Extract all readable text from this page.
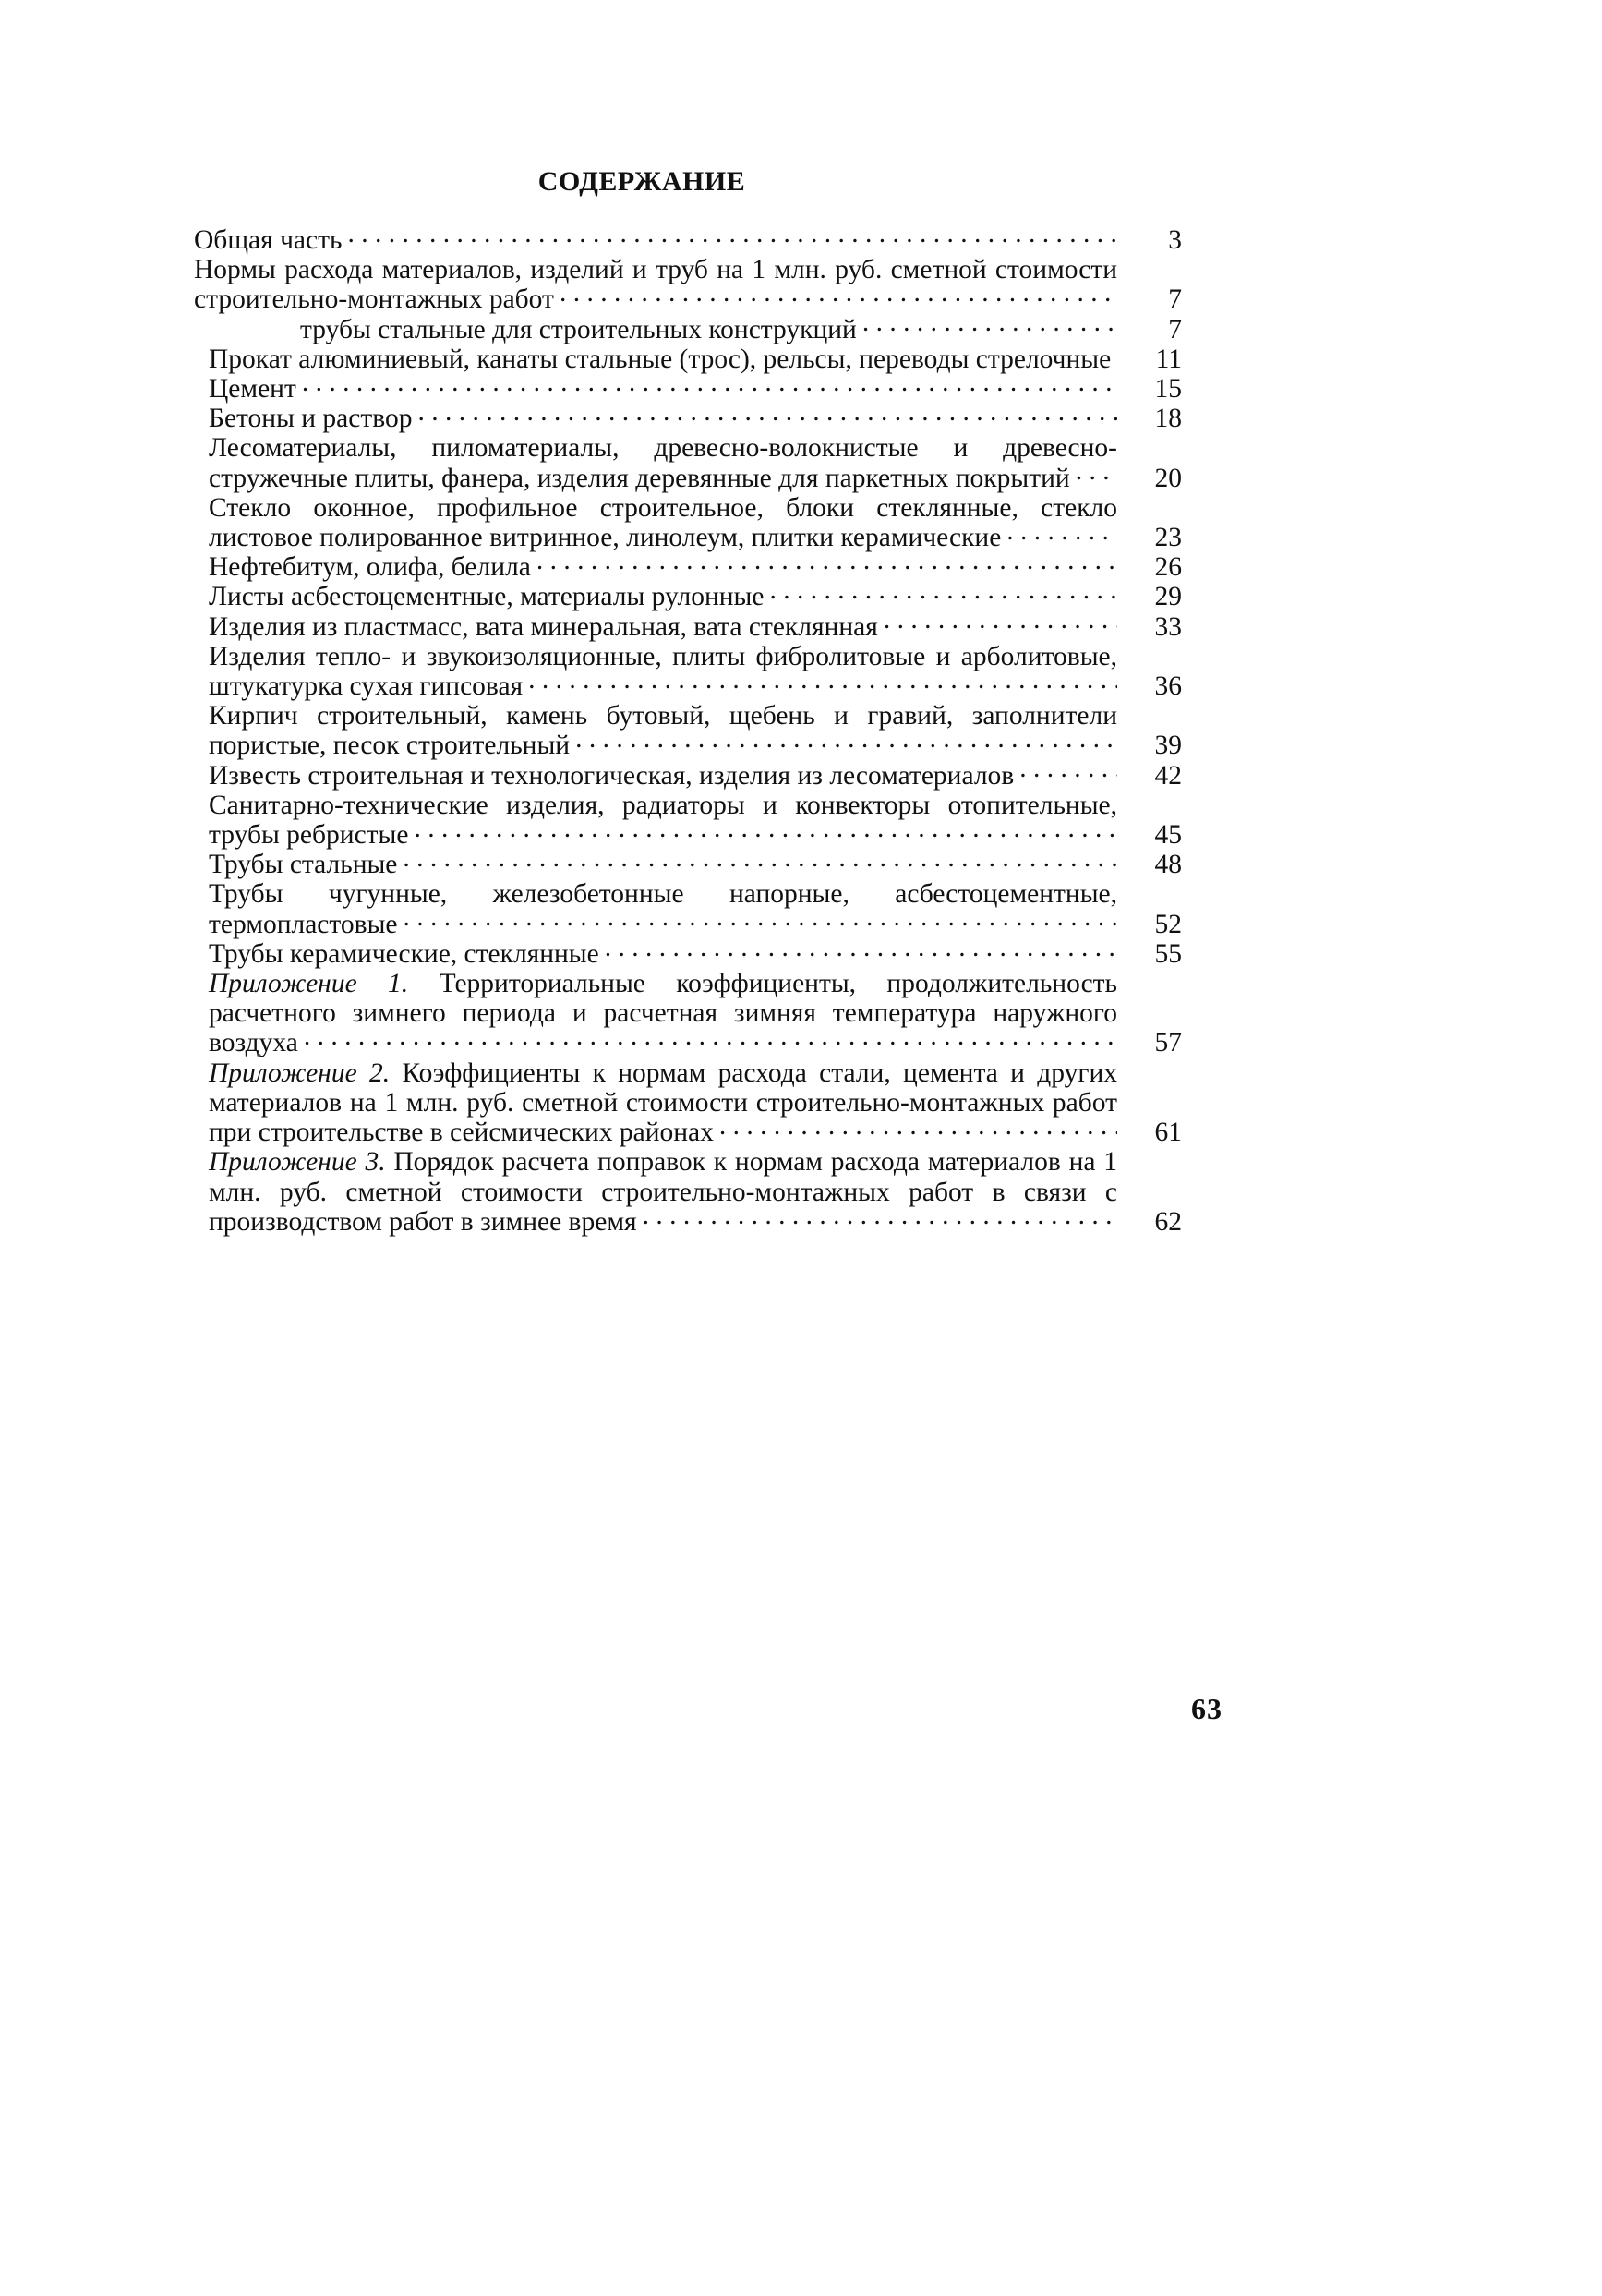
СОДЕРЖАНИЕ
Общая часть	3
Нормы расхода материалов, изделий и труб на 1 млн. руб. сметной стоимости строительно-монтажных работ	7
трубы стальные для строительных конструкций	7
Прокат алюминиевый, канаты стальные (трос), рельсы, переводы стрелочные	11
Цемент	15
Бетоны и раствор	18
Лесоматериалы, пиломатериалы, древесно-волокнистые и древесно-стружечные плиты, фанера, изделия деревянные для паркетных покрытий	20
Стекло оконное, профильное строительное, блоки стеклянные, стекло листовое полированное витринное, линолеум, плитки керамические	23
Нефтебитум, олифа, белила	26
Листы асбестоцементные, материалы рулонные	29
Изделия из пластмасс, вата минеральная, вата стеклянная	33
Изделия тепло- и звукоизоляционные, плиты фибролитовые и арболитовые, штукатурка сухая гипсовая	36
Кирпич строительный, камень бутовый, щебень и гравий, заполнители пористые, песок строительный	39
Известь строительная и технологическая, изделия из лесоматериалов	42
Санитарно-технические изделия, радиаторы и конвекторы отопительные, трубы ребристые	45
Трубы стальные	48
Трубы чугунные, железобетонные напорные, асбестоцементные, термопластовые	52
Трубы керамические, стеклянные	55
Приложение 1. Территориальные коэффициенты, продолжительность расчетного зимнего периода и расчетная зимняя температура наружного воздуха	57
Приложение 2. Коэффициенты к нормам расхода стали, цемента и других материалов на 1 млн. руб. сметной стоимости строительно-монтажных работ при строительстве в сейсмических районах	61
Приложение 3. Порядок расчета поправок к нормам расхода материалов на 1 млн. руб. сметной стоимости строительно-монтажных работ в связи с производством работ в зимнее время	62
63
